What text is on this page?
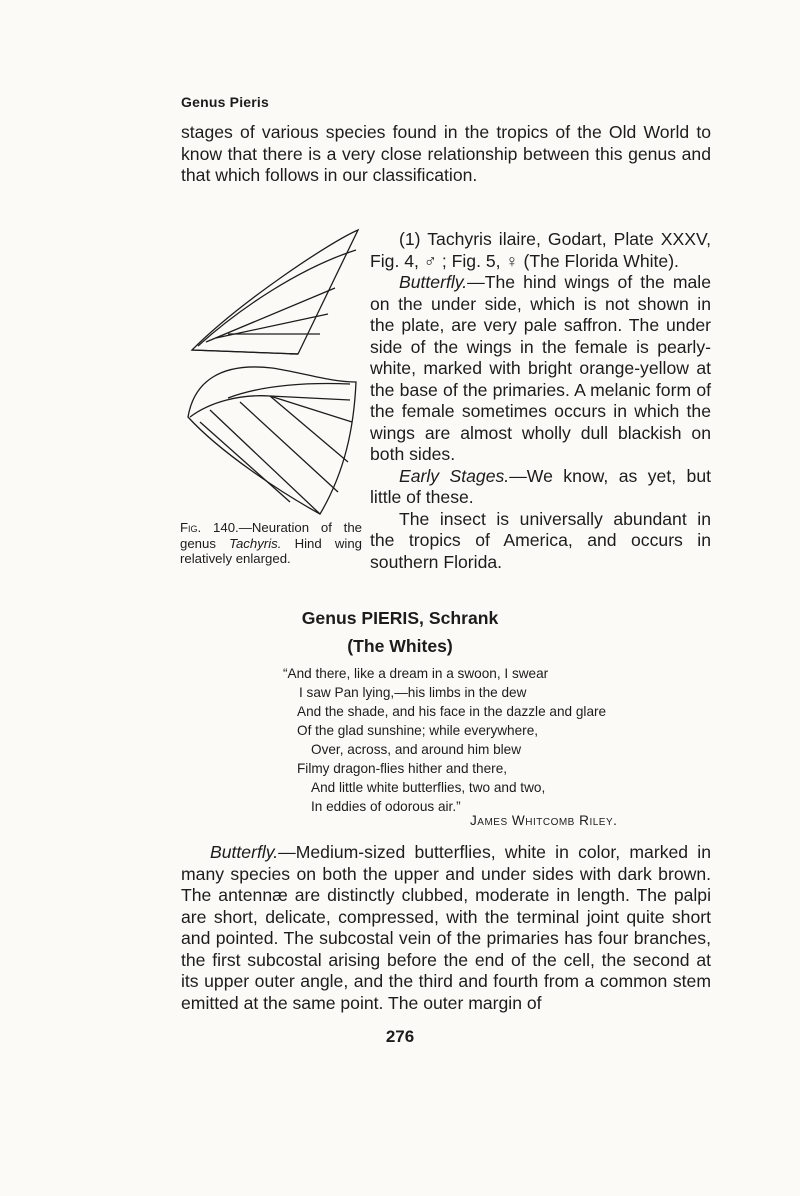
Genus Pieris
stages of various species found in the tropics of the Old World to know that there is a very close relationship between this genus and that which follows in our classification.
Fig. 140.—Neuration of the genus Tachyris. Hind wing relatively enlarged.

(1) Tachyris ilaire, Godart, Plate XXXV, Fig. 4, ♂ ; Fig. 5, ♀ (The Florida White).

Butterfly.—The hind wings of the male on the under side, which is not shown in the plate, are very pale saffron. The under side of the wings in the female is pearly-white, marked with bright orange-yellow at the base of the primaries. A melanic form of the female sometimes occurs in which the wings are almost wholly dull blackish on both sides.

Early Stages.—We know, as yet, but little of these.

The insect is universally abundant in the tropics of America, and occurs in southern Florida.

Genus PIERIS, Schrank
(The Whites)
“And there, like a dream in a swoon, I swear
I saw Pan lying,—his limbs in the dew
And the shade, and his face in the dazzle and glare
Of the glad sunshine; while everywhere,
Over, across, and around him blew
Filmy dragon-flies hither and there,
And little white butterflies, two and two,
In eddies of odorous air.”
James Whitcomb Riley.

Butterfly.—Medium-sized butterflies, white in color, marked in many species on both the upper and under sides with dark brown. The antennæ are distinctly clubbed, moderate in length. The palpi are short, delicate, compressed, with the terminal joint quite short and pointed. The subcostal vein of the primaries has four branches, the first subcostal arising before the end of the cell, the second at its upper outer angle, and the third and fourth from a common stem emitted at the same point. The outer margin of

276
